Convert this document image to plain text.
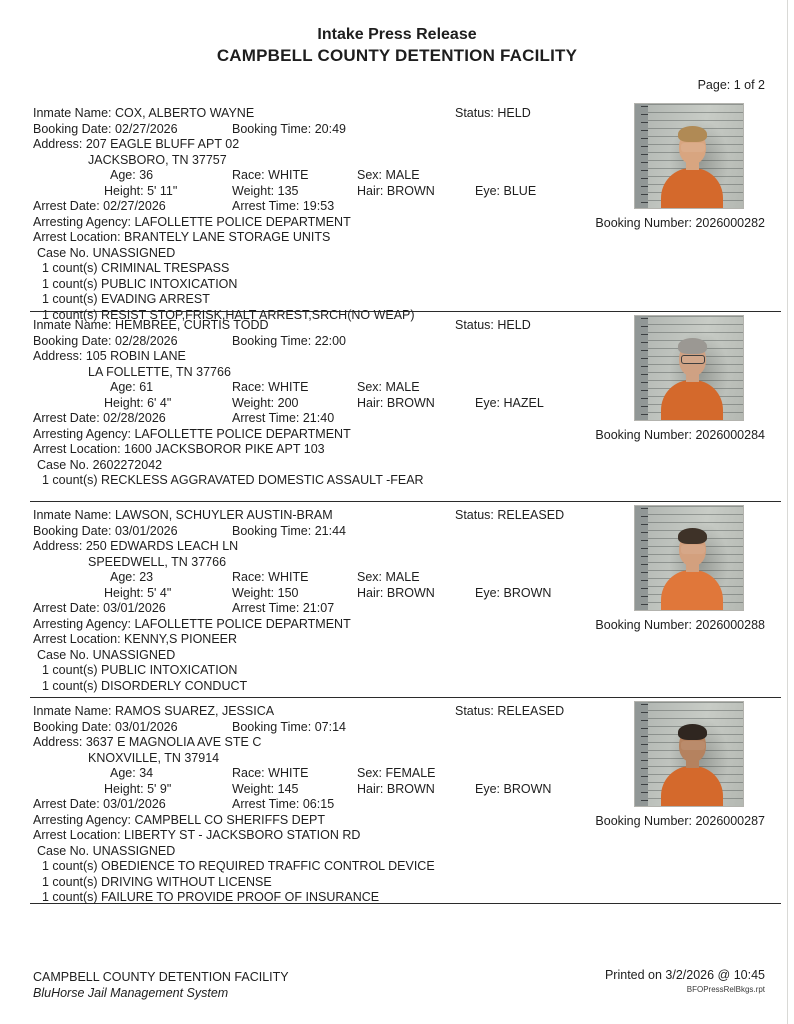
Intake Press Release
CAMPBELL COUNTY DETENTION FACILITY
Page: 1 of 2
Inmate Name: COX, ALBERTO WAYNE	Status: HELD
Booking Date: 02/27/2026	Booking Time: 20:49
Address: 207 EAGLE BLUFF APT 02
JACKSBORO, TN 37757
Age: 36	Race: WHITE	Sex: MALE
Height: 5' 11"	Weight: 135	Hair: BROWN	Eye: BLUE
Arrest Date: 02/27/2026	Arrest Time: 19:53
Arresting Agency: LAFOLLETTE POLICE DEPARTMENT
Arrest Location: BRANTELY LANE STORAGE UNITS
Case No. UNASSIGNED
1 count(s) CRIMINAL TRESPASS
1 count(s) PUBLIC INTOXICATION
1 count(s) EVADING ARREST
1 count(s) RESIST STOP,FRISK,HALT ARREST,SRCH(NO WEAP)
Booking Number: 2026000282
Inmate Name: HEMBREE, CURTIS TODD	Status: HELD
Booking Date: 02/28/2026	Booking Time: 22:00
Address: 105 ROBIN LANE
LA FOLLETTE, TN 37766
Age: 61	Race: WHITE	Sex: MALE
Height: 6' 4"	Weight: 200	Hair: BROWN	Eye: HAZEL
Arrest Date: 02/28/2026	Arrest Time: 21:40
Arresting Agency: LAFOLLETTE POLICE DEPARTMENT
Arrest Location: 1600 JACKSBOROR PIKE APT 103
Case No. 2602272042
1 count(s) RECKLESS AGGRAVATED DOMESTIC ASSAULT -FEAR
Booking Number: 2026000284
Inmate Name: LAWSON, SCHUYLER AUSTIN-BRAM	Status: RELEASED
Booking Date: 03/01/2026	Booking Time: 21:44
Address: 250 EDWARDS LEACH LN
SPEEDWELL, TN 37766
Age: 23	Race: WHITE	Sex: MALE
Height: 5' 4"	Weight: 150	Hair: BROWN	Eye: BROWN
Arrest Date: 03/01/2026	Arrest Time: 21:07
Arresting Agency: LAFOLLETTE POLICE DEPARTMENT
Arrest Location: KENNY,S PIONEER
Case No. UNASSIGNED
1 count(s) PUBLIC INTOXICATION
1 count(s) DISORDERLY CONDUCT
Booking Number: 2026000288
Inmate Name: RAMOS SUAREZ, JESSICA	Status: RELEASED
Booking Date: 03/01/2026	Booking Time: 07:14
Address: 3637 E MAGNOLIA AVE STE C
KNOXVILLE, TN 37914
Age: 34	Race: WHITE	Sex: FEMALE
Height: 5' 9"	Weight: 145	Hair: BROWN	Eye: BROWN
Arrest Date: 03/01/2026	Arrest Time: 06:15
Arresting Agency: CAMPBELL CO SHERIFFS DEPT
Arrest Location: LIBERTY ST - JACKSBORO STATION RD
Case No. UNASSIGNED
1 count(s) OBEDIENCE TO REQUIRED TRAFFIC CONTROL DEVICE
1 count(s) DRIVING WITHOUT LICENSE
1 count(s) FAILURE TO PROVIDE PROOF OF INSURANCE
Booking Number: 2026000287
CAMPBELL COUNTY DETENTION FACILITY
BluHorse Jail Management System
Printed on 3/2/2026 @ 10:45
BFOPressRelBkgs.rpt
